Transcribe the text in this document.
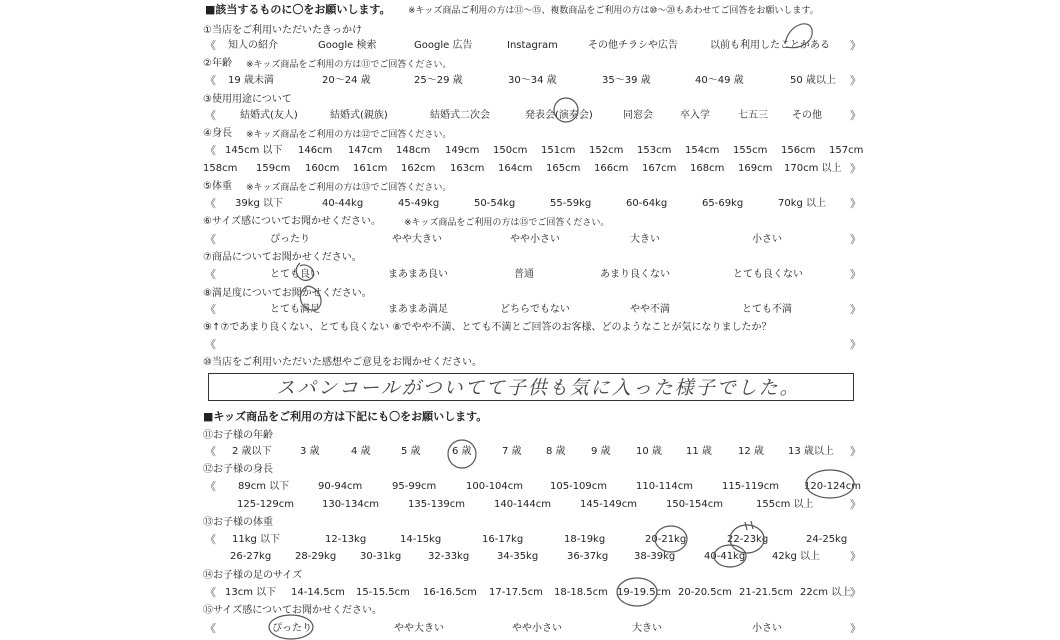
■該当するものに〇をお願いします。 ※キッズ商品ご利用の方は⑪～⑮、複数商品をご利用の方は⑩～⑳もあわせてご回答をお願いします。
①当店をご利用いただいたきっかけ
《 知人の紹介	Google 検索	Google 広告	Instagram	その他チラシや広告	以前も利用したことがある 》
②年齢 ※キッズ商品をご利用の方は⑪でご回答ください。
《 19 歳未満	20～24 歳	25～29 歳	30～34 歳	35～39 歳	40～49 歳	50 歳以上 》
③使用用途について
《 結婚式(友人)	結婚式(親族)	結婚式二次会	発表会(演奏会)	同窓会	卒入学	七五三 その他	》
④身長 ※キッズ商品をご利用の方は⑫でご回答ください。
《 145cm 以下 146cm 147cm 148cm 149cm 150cm 151cm 152cm 153cm 154cm 155cm 156cm 157cm
158cm 159cm 160cm 161cm 162cm 163cm 164cm 165cm 166cm 167cm 168cm 169cm 170cm 以上 》
⑤体重 ※キッズ商品をご利用の方は⑬でご回答ください。
《 39kg 以下	40-44kg	45-49kg	50-54kg	55-59kg	60-64kg	65-69kg	70kg 以上 》
⑥サイズ感についてお聞かせください。	※キッズ商品をご利用の方は⑮でご回答ください。
《	ぴったり	やや大きい	やや小さい	大きい	小さい	》
⑦商品についてお聞かせください。
《	とても良い	まあまあ良い	普通	あまり良くない	とても良くない	》
⑧満足度についてお聞かせください。
《	とても満足	まあまあ満足	どちらでもない	やや不満	とても不満	》
⑨↑⑦であまり良くない、とても良くない ⑧でやや不満、とても不満とご回答のお客様、どのようなことが気になりましたか？
《	》
⑩当店をご利用いただいた感想やご意見をお聞かせください。
スパンコールがついてて子供も気に入った様子でした。
■キッズ商品をご利用の方は下記にも〇をお願いします。
⑪お子様の年齢
《 2 歳以下	3 歳	4 歳	5 歳	6 歳	7 歳 8 歳	9 歳	10 歳 11 歳	12 歳 13 歳以上 》
⑫お子様の身長
《 89cm 以下	90-94cm	95-99cm	100-104cm	105-109cm	110-114cm	115-119cm 120-124cm
125-129cm	130-134cm	135-139cm	140-144cm	145-149cm	150-154cm	155cm 以上	》
⑬お子様の体重
《 11kg 以下	12-13kg	14-15kg	16-17kg	18-19kg	20-21kg	22-23kg	24-25kg
26-27kg 28-29kg 30-31kg	32-33kg	34-35kg	36-37kg	38-39kg	40-41kg	42kg 以上	》
⑭お子様の足のサイズ
《 13cm 以下 14-14.5cm 15-15.5cm 16-16.5cm 17-17.5cm 18-18.5cm 19-19.5cm 20-20.5cm 21-21.5cm 22cm 以上
》
⑮サイズ感についてお聞かせください。
《	ぴったり	やや大きい	やや小さい	大きい	小さい	》
